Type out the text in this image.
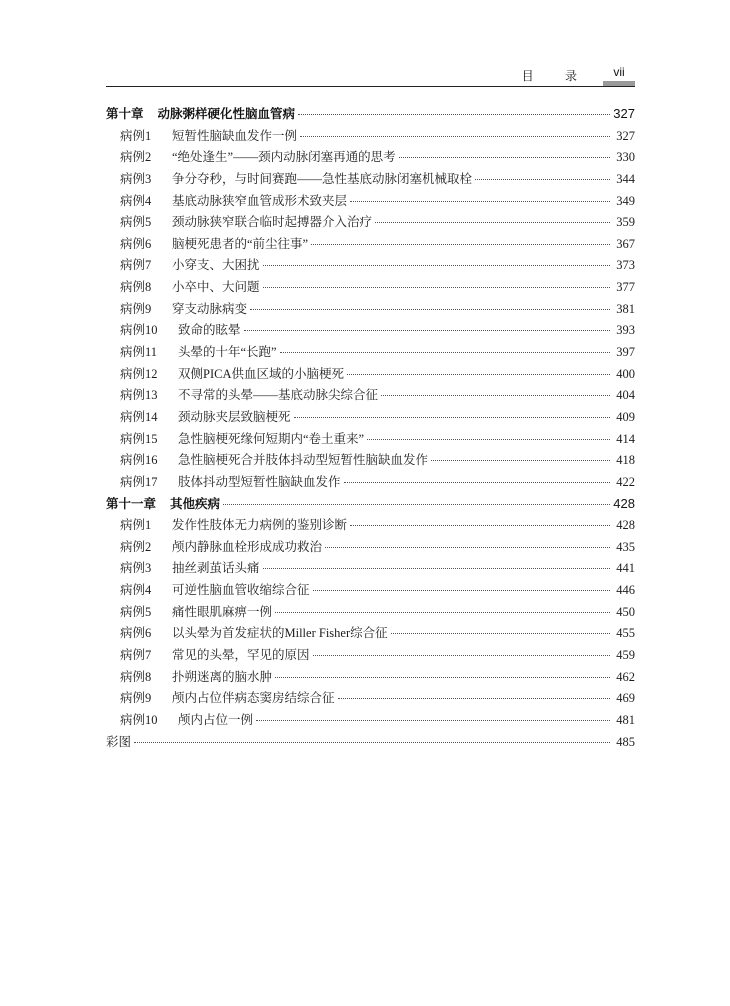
目 录	vii
第十章	动脉粥样硬化性脑血管病	327
病例1	短暂性脑缺血发作一例	327
病例2	“绝处逢生”——颈内动脉闭塞再通的思考	330
病例3	争分夺秒，与时间赛跑——急性基底动脉闭塞机械取栓	344
病例4	基底动脉狭窄血管成形术致夹层	349
病例5	颈动脉狭窄联合临时起搏器介入治疗	359
病例6	脑梗死患者的“前尘往事”	367
病例7	小穿支、大困扰	373
病例8	小卒中、大问题	377
病例9	穿支动脉病变	381
病例10	致命的眩晕	393
病例11	头晕的十年“长跑”	397
病例12	双侧PICA供血区域的小脑梗死	400
病例13	不寻常的头晕——基底动脉尖综合征	404
病例14	颈动脉夹层致脑梗死	409
病例15	急性脑梗死缘何短期内“卷土重来”	414
病例16	急性脑梗死合并肢体抖动型短暂性脑缺血发作	418
病例17	肢体抖动型短暂性脑缺血发作	422
第十一章	其他疾病	428
病例1	发作性肢体无力病例的鉴别诊断	428
病例2	颅内静脉血栓形成成功救治	435
病例3	抽丝剥茧话头痛	441
病例4	可逆性脑血管收缩综合征	446
病例5	痛性眼肌麻痹一例	450
病例6	以头晕为首发症状的Miller Fisher综合征	455
病例7	常见的头晕，罕见的原因	459
病例8	扑朔迷离的脑水肿	462
病例9	颅内占位伴病态窦房结综合征	469
病例10	颅内占位一例	481
彩图	485
